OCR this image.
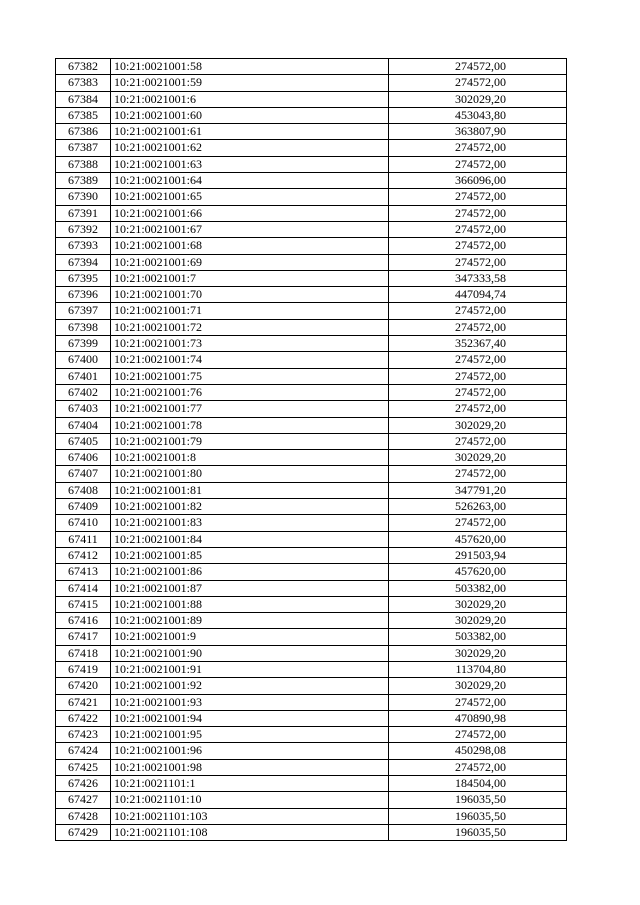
67382	10:21:0021001:58	274572,00
67383	10:21:0021001:59	274572,00
67384	10:21:0021001:6	302029,20
67385	10:21:0021001:60	453043,80
67386	10:21:0021001:61	363807,90
67387	10:21:0021001:62	274572,00
67388	10:21:0021001:63	274572,00
67389	10:21:0021001:64	366096,00
67390	10:21:0021001:65	274572,00
67391	10:21:0021001:66	274572,00
67392	10:21:0021001:67	274572,00
67393	10:21:0021001:68	274572,00
67394	10:21:0021001:69	274572,00
67395	10:21:0021001:7	347333,58
67396	10:21:0021001:70	447094,74
67397	10:21:0021001:71	274572,00
67398	10:21:0021001:72	274572,00
67399	10:21:0021001:73	352367,40
67400	10:21:0021001:74	274572,00
67401	10:21:0021001:75	274572,00
67402	10:21:0021001:76	274572,00
67403	10:21:0021001:77	274572,00
67404	10:21:0021001:78	302029,20
67405	10:21:0021001:79	274572,00
67406	10:21:0021001:8	302029,20
67407	10:21:0021001:80	274572,00
67408	10:21:0021001:81	347791,20
67409	10:21:0021001:82	526263,00
67410	10:21:0021001:83	274572,00
67411	10:21:0021001:84	457620,00
67412	10:21:0021001:85	291503,94
67413	10:21:0021001:86	457620,00
67414	10:21:0021001:87	503382,00
67415	10:21:0021001:88	302029,20
67416	10:21:0021001:89	302029,20
67417	10:21:0021001:9	503382,00
67418	10:21:0021001:90	302029,20
67419	10:21:0021001:91	113704,80
67420	10:21:0021001:92	302029,20
67421	10:21:0021001:93	274572,00
67422	10:21:0021001:94	470890,98
67423	10:21:0021001:95	274572,00
67424	10:21:0021001:96	450298,08
67425	10:21:0021001:98	274572,00
67426	10:21:0021101:1	184504,00
67427	10:21:0021101:10	196035,50
67428	10:21:0021101:103	196035,50
67429	10:21:0021101:108	196035,50
